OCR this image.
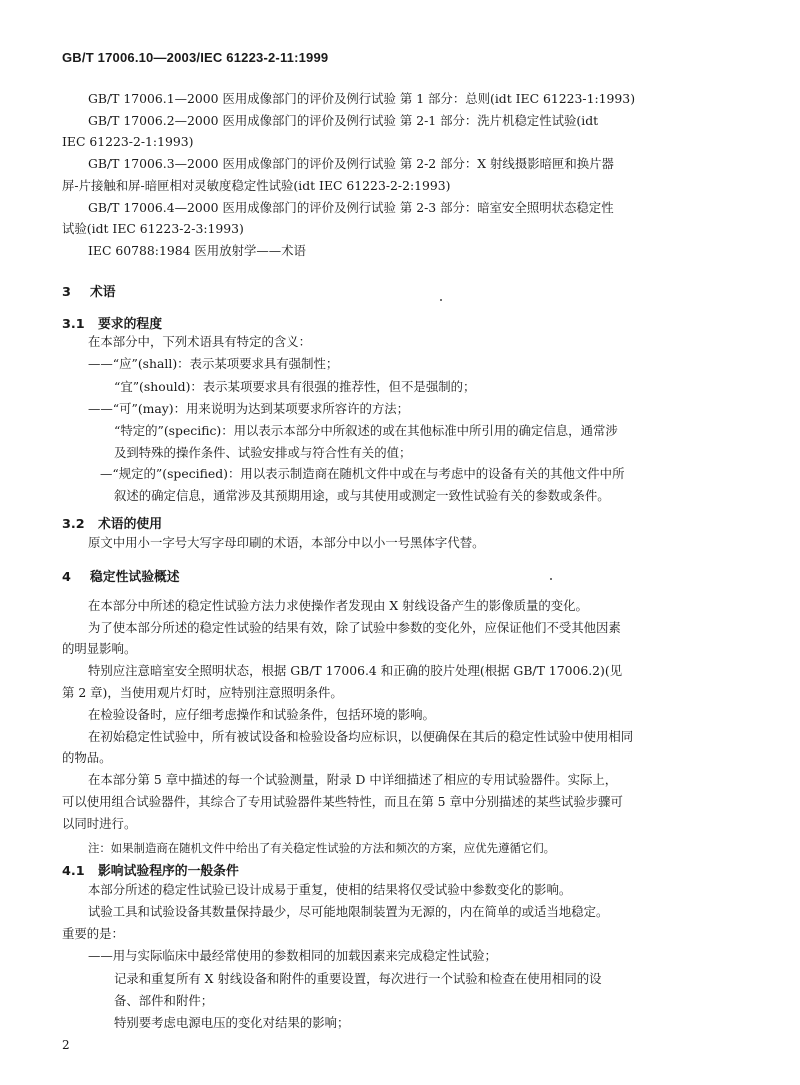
GB/T 17006.10—2003/IEC 61223-2-11:1999
GB/T 17006.1—2000 医用成像部门的评价及例行试验 第 1 部分：总则(idt IEC 61223-1:1993)
GB/T 17006.2—2000 医用成像部门的评价及例行试验 第 2-1 部分：洗片机稳定性试验(idt
IEC 61223-2-1:1993)
GB/T 17006.3—2000 医用成像部门的评价及例行试验 第 2-2 部分：X 射线摄影暗匣和换片器
屏-片接触和屏-暗匣相对灵敏度稳定性试验(idt IEC 61223-2-2:1993)
GB/T 17006.4—2000 医用成像部门的评价及例行试验 第 2-3 部分：暗室安全照明状态稳定性
试验(idt IEC 61223-2-3:1993)
IEC 60788:1984 医用放射学——术语
3 术语
3.1 要求的程度
在本部分中，下列术语具有特定的含义：
——“应”(shall)：表示某项要求具有强制性；
“宜”(should)：表示某项要求具有很强的推荐性，但不是强制的；
——“可”(may)：用来说明为达到某项要求所容许的方法；
“特定的”(specific)：用以表示本部分中所叙述的或在其他标准中所引用的确定信息，通常涉
及到特殊的操作条件、试验安排或与符合性有关的值；
—“规定的”(specified)：用以表示制造商在随机文件中或在与考虑中的设备有关的其他文件中所
叙述的确定信息，通常涉及其预期用途，或与其使用或测定一致性试验有关的参数或条件。
3.2 术语的使用
原文中用小一字号大写字母印刷的术语，本部分中以小一号黑体字代替。
4 稳定性试验概述
在本部分中所述的稳定性试验方法力求使操作者发现由 X 射线设备产生的影像质量的变化。
为了使本部分所述的稳定性试验的结果有效，除了试验中参数的变化外，应保证他们不受其他因素
的明显影响。
特别应注意暗室安全照明状态，根据 GB/T 17006.4 和正确的胶片处理(根据 GB/T 17006.2)(见
第 2 章)，当使用观片灯时，应特别注意照明条件。
在检验设备时，应仔细考虑操作和试验条件，包括环境的影响。
在初始稳定性试验中，所有被试设备和检验设备均应标识，以便确保在其后的稳定性试验中使用相同
的物品。
在本部分第 5 章中描述的每一个试验测量，附录 D 中详细描述了相应的专用试验器件。实际上，
可以使用组合试验器件，其综合了专用试验器件某些特性，而且在第 5 章中分别描述的某些试验步骤可
以同时进行。
注：如果制造商在随机文件中给出了有关稳定性试验的方法和频次的方案，应优先遵循它们。
4.1 影响试验程序的一般条件
本部分所述的稳定性试验已设计成易于重复，使相的结果将仅受试验中参数变化的影响。
试验工具和试验设备其数量保持最少，尽可能地限制装置为无源的，内在简单的或适当地稳定。
重要的是：
——用与实际临床中最经常使用的参数相同的加载因素来完成稳定性试验；
记录和重复所有 X 射线设备和附件的重要设置，每次进行一个试验和检查在使用相同的设
备、部件和附件；
特别要考虑电源电压的变化对结果的影响；
2
